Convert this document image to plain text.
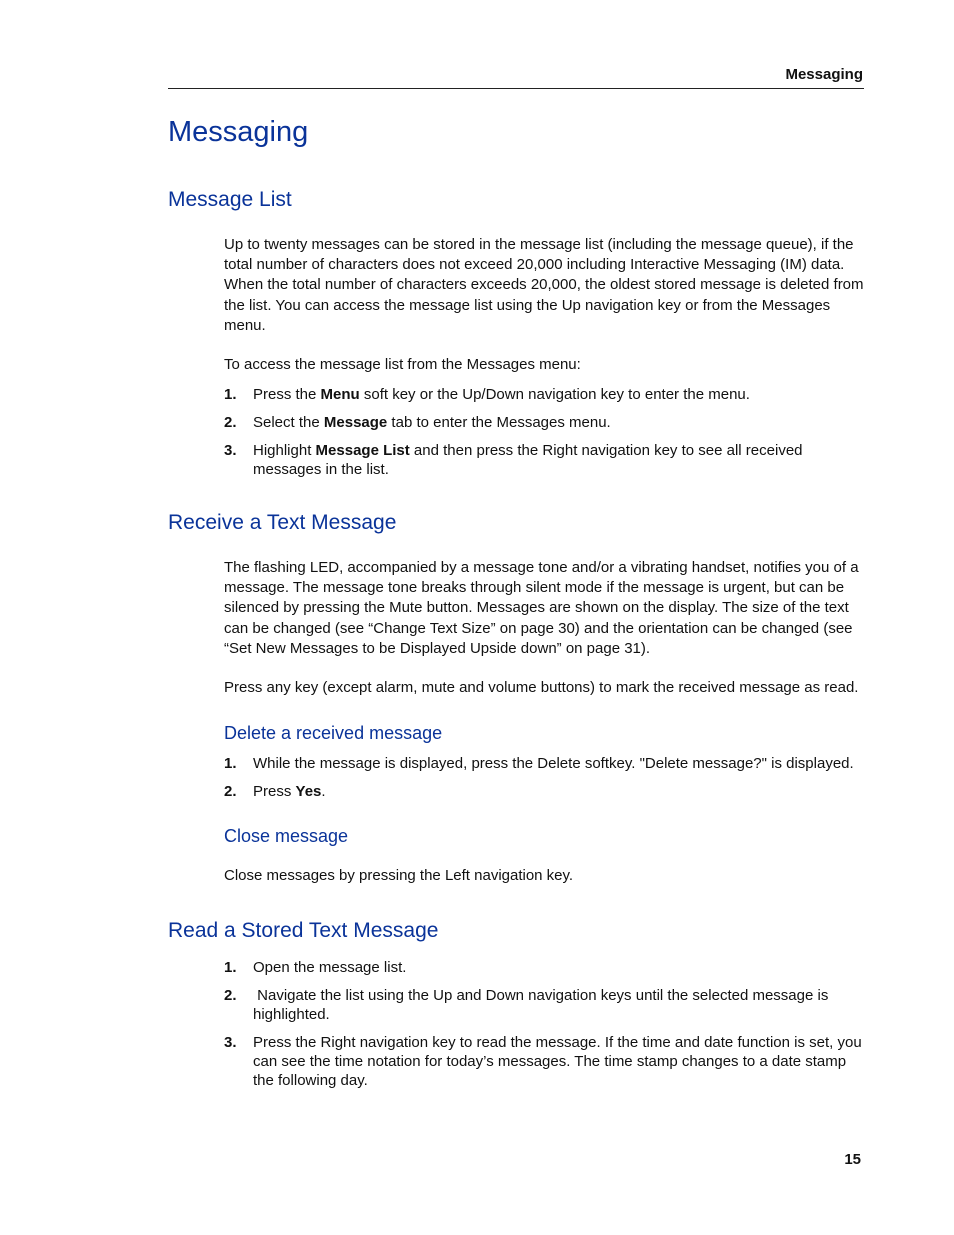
Messaging
Messaging
Message List

Up to twenty messages can be stored in the message list (including the message queue), if the total number of characters does not exceed 20,000 including Interactive Messaging (IM) data. When the total number of characters exceeds 20,000, the oldest stored message is deleted from the list. You can access the message list using the Up navigation key or from the Messages menu.

To access the message list from the Messages menu:

1.	Press the Menu soft key or the Up/Down navigation key to enter the menu.
2.	Select the Message tab to enter the Messages menu.
3.	Highlight Message List and then press the Right navigation key to see all received messages in the list.
Receive a Text Message

The flashing LED, accompanied by a message tone and/or a vibrating handset, notifies you of a message. The message tone breaks through silent mode if the message is urgent, but can be silenced by pressing the Mute button. Messages are shown on the display. The size of the text can be changed (see “Change Text Size” on page 30) and the orientation can be changed (see “Set New Messages to be Displayed Upside down” on page 31).

Press any key (except alarm, mute and volume buttons) to mark the received message as read.

Delete a received message
1.	While the message is displayed, press the Delete softkey. "Delete message?" is displayed.
2.	Press Yes.
Close message

Close messages by pressing the Left navigation key.

Read a Stored Text Message
1.	Open the message list.
2.	Navigate the list using the Up and Down navigation keys until the selected message is highlighted.
3.	Press the Right navigation key to read the message. If the time and date function is set, you can see the time notation for today’s messages. The time stamp changes to a date stamp the following day.
15
